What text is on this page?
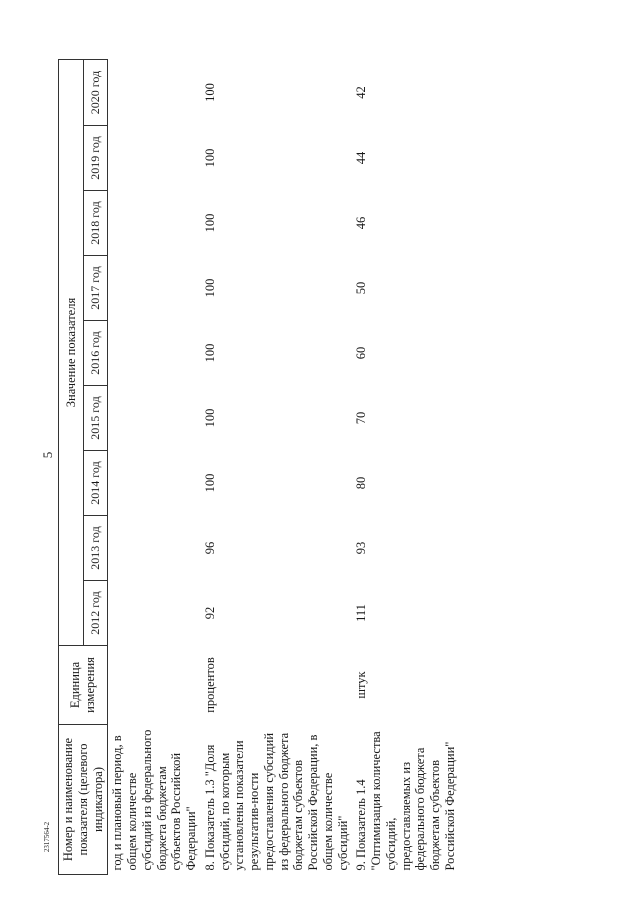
5
Номер и наименование показателя (целевого индикатора)	Единица измерения	Значение показателя								
		2012 год	2013 год	2014 год	2015 год	2016 год	2017 год	2018 год	2019 год	2020 год
год и плановый период, в общем количестве субсидий из федерального бюджета бюджетам субъектов Российской Федерации"										
8. Показатель 1.3 "Доля субсидий, по которым установлены показатели результатив-ности предоставления субсидий из федерального бюджета бюджетам субъектов Российской Федерации, в общем количестве субсидий"	процентов	92	96	100	100	100	100	100	100	100
9. Показатель 1.4 "Оптимизация количества субсидий, предоставляемых из федерального бюджета бюджетам субъектов Российской Федерации"	штук	111	93	80	70	60	50	46	44	42
2317564-2
